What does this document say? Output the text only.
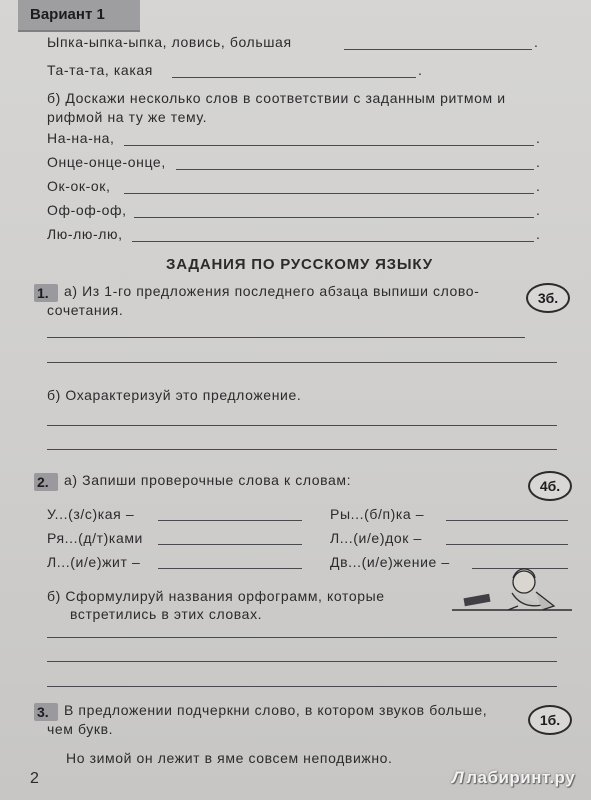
Вариант 1
Ыпка-ыпка-ыпка, ловись, большая	.
Та-та-та, какая	.
б) Доскажи несколько слов в соответствии с заданным ритмом и
рифмой на ту же тему.
На-на-на,	.
Онце-онце-онце,	.
Ок-ок-ок,	.
Оф-оф-оф,	.
Лю-лю-лю,	.
ЗАДАНИЯ ПО РУССКОМУ ЯЗЫКУ
1.	а) Из 1-го предложения последнего абзаца выпиши слово-
сочетания.
3б.
б) Охарактеризуй это предложение.
2.	а) Запиши проверочные слова к словам:	4б.
У...(з/с)кая –	Ры...(б/п)ка –
Ря...(д/т)ками	Л...(и/е)док –
Л...(и/е)жит –	Дв...(и/е)жение –
б) Сформулируй названия орфограмм, которые
встретились в этих словах.
3.	В предложении подчеркни слово, в котором звуков больше,
чем букв.
1б.
Но зимой он лежит в яме совсем неподвижно.
2	Л лабиринт.ру
